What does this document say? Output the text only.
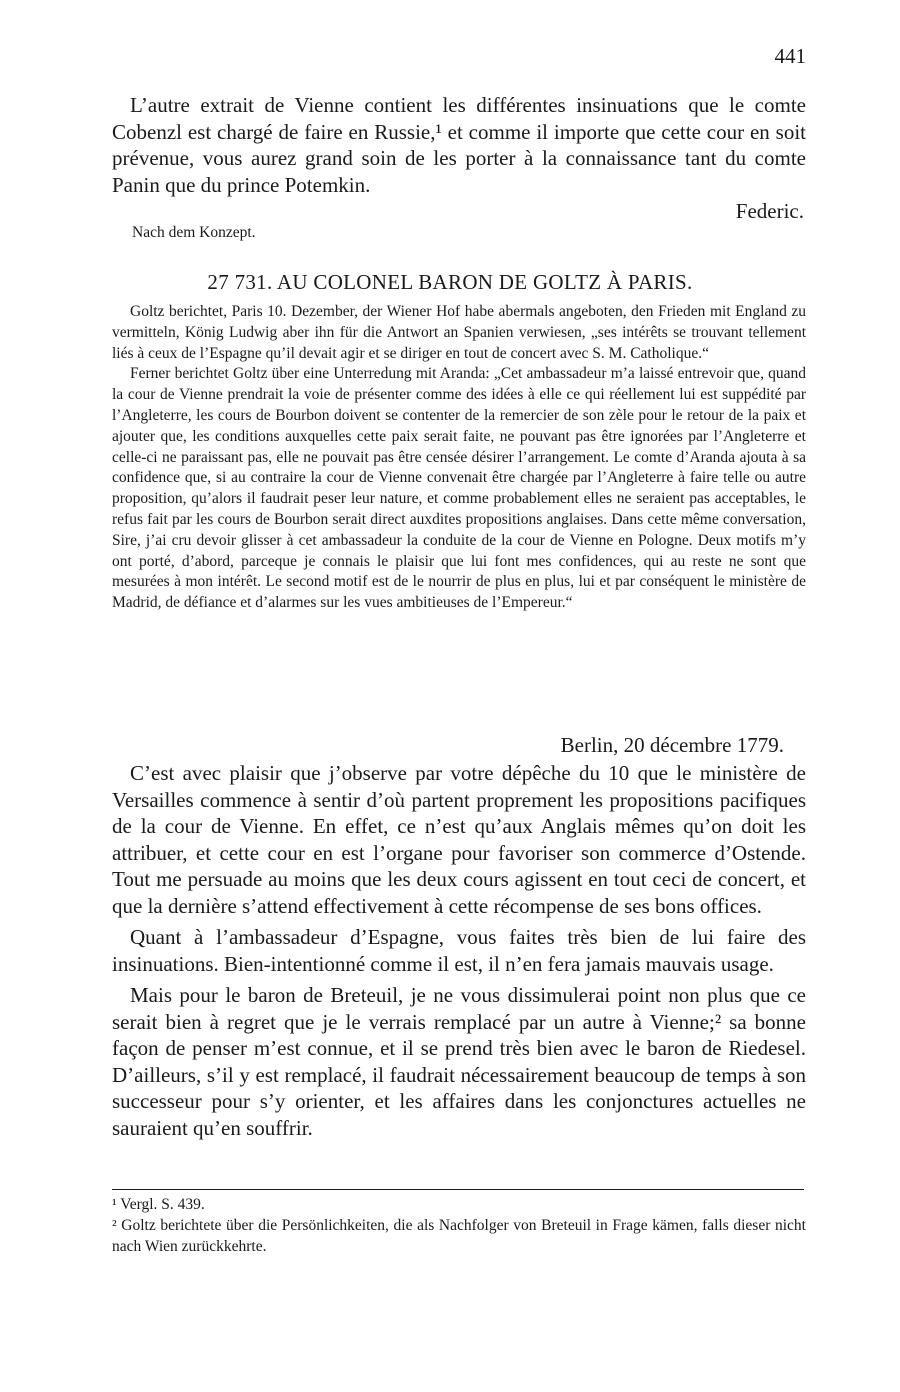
441

L’autre extrait de Vienne contient les différentes insinuations que le comte Cobenzl est chargé de faire en Russie,¹ et comme il importe que cette cour en soit prévenue, vous aurez grand soin de les porter à la connaissance tant du comte Panin que du prince Potemkin.

Federic.
Nach dem Konzept.
27 731. AU COLONEL BARON DE GOLTZ À PARIS.

Goltz berichtet, Paris 10. Dezember, der Wiener Hof habe abermals angeboten, den Frieden mit England zu vermitteln, König Ludwig aber ihn für die Antwort an Spanien verwiesen, „ses intérêts se trouvant tellement liés à ceux de l’Espagne qu’il devait agir et se diriger en tout de concert avec S. M. Catholique.“

Ferner berichtet Goltz über eine Unterredung mit Aranda: „Cet ambassadeur m’a laissé entrevoir que, quand la cour de Vienne prendrait la voie de présenter comme des idées à elle ce qui réellement lui est suppédité par l’Angleterre, les cours de Bourbon doivent se contenter de la remercier de son zèle pour le retour de la paix et ajouter que, les conditions auxquelles cette paix serait faite, ne pouvant pas être ignorées par l’Angleterre et celle-ci ne paraissant pas, elle ne pouvait pas être censée désirer l’arrangement. Le comte d’Aranda ajouta à sa confidence que, si au contraire la cour de Vienne convenait être chargée par l’Angleterre à faire telle ou autre proposition, qu’alors il faudrait peser leur nature, et comme probablement elles ne seraient pas acceptables, le refus fait par les cours de Bourbon serait direct auxdites propositions anglaises. Dans cette même conversation, Sire, j’ai cru devoir glisser à cet ambassadeur la conduite de la cour de Vienne en Pologne. Deux motifs m’y ont porté, d’abord, parceque je connais le plaisir que lui font mes confidences, qui au reste ne sont que mesurées à mon intérêt. Le second motif est de le nourrir de plus en plus, lui et par conséquent le ministère de Madrid, de défiance et d’alarmes sur les vues ambitieuses de l’Empereur.“

Berlin, 20 décembre 1779.

C’est avec plaisir que j’observe par votre dépêche du 10 que le ministère de Versailles commence à sentir d’où partent proprement les propositions pacifiques de la cour de Vienne. En effet, ce n’est qu’aux Anglais mêmes qu’on doit les attribuer, et cette cour en est l’organe pour favoriser son commerce d’Ostende. Tout me persuade au moins que les deux cours agissent en tout ceci de concert, et que la dernière s’attend effectivement à cette récompense de ses bons offices.

Quant à l’ambassadeur d’Espagne, vous faites très bien de lui faire des insinuations. Bien-intentionné comme il est, il n’en fera jamais mauvais usage.

Mais pour le baron de Breteuil, je ne vous dissimulerai point non plus que ce serait bien à regret que je le verrais remplacé par un autre à Vienne;² sa bonne façon de penser m’est connue, et il se prend très bien avec le baron de Riedesel. D’ailleurs, s’il y est remplacé, il faudrait nécessairement beaucoup de temps à son successeur pour s’y orienter, et les affaires dans les conjonctures actuelles ne sauraient qu’en souffrir.

¹ Vergl. S. 439.

² Goltz berichtete über die Persönlichkeiten, die als Nachfolger von Breteuil in Frage kämen, falls dieser nicht nach Wien zurückkehrte.
